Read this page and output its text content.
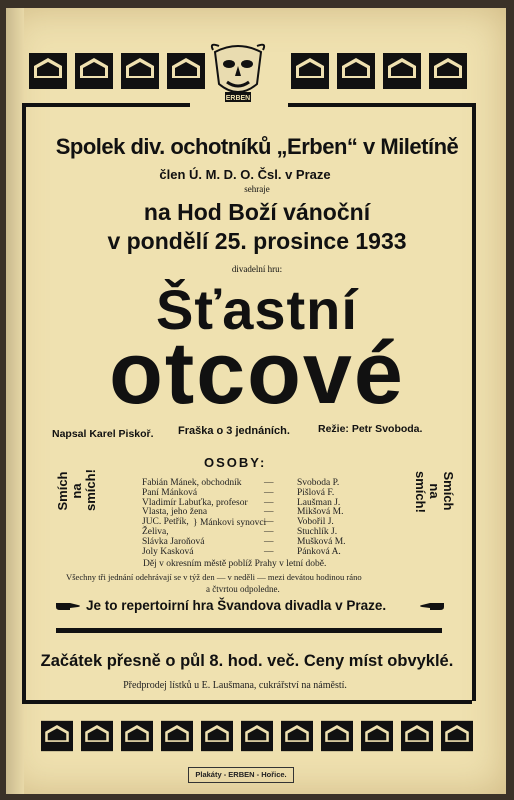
ERBEN
Spolek div. ochotníků „Erben“ v Miletíně
člen Ú. M. D. O. Čsl. v Praze
sehraje
na Hod Boží vánoční
v pondělí 25. prosince 1933
divadelní hru:
Šťastní
otcové
Napsal Karel Piskoř. Fraška o 3 jednáních.	Režie: Petr Svoboda.
OSOBY:
Fabián Mánek, obchodník — Svoboda P.
Paní Mánková	— Pišlová F.
Vladimír Labuťka, profesor — Laušman J.
Vlasta, jeho žena	— Mikšová M.
JUC. Petřík,	— Vobořil J.
Želiva,	— Stuchlík J.
Slávka Jaroňová	— Mušková M.
Joly Kasková	— Pánková A.
} Mánkovi synovci
Smích na smích!	Smích
na
smích!
Děj v okresním městě poblíž Prahy v letní době.
Všechny tři jednání odehrávají se v týž den — v neděli — mezi devátou hodinou ráno
a čtvrtou odpoledne.
Je to repertoirní hra Švandova divadla v Praze.
Začátek přesně o půl 8. hod. več. Ceny míst obvyklé.
Předprodej lístků u E. Laušmana, cukrářství na náměstí.
Plakáty - ERBEN - Hořice.
